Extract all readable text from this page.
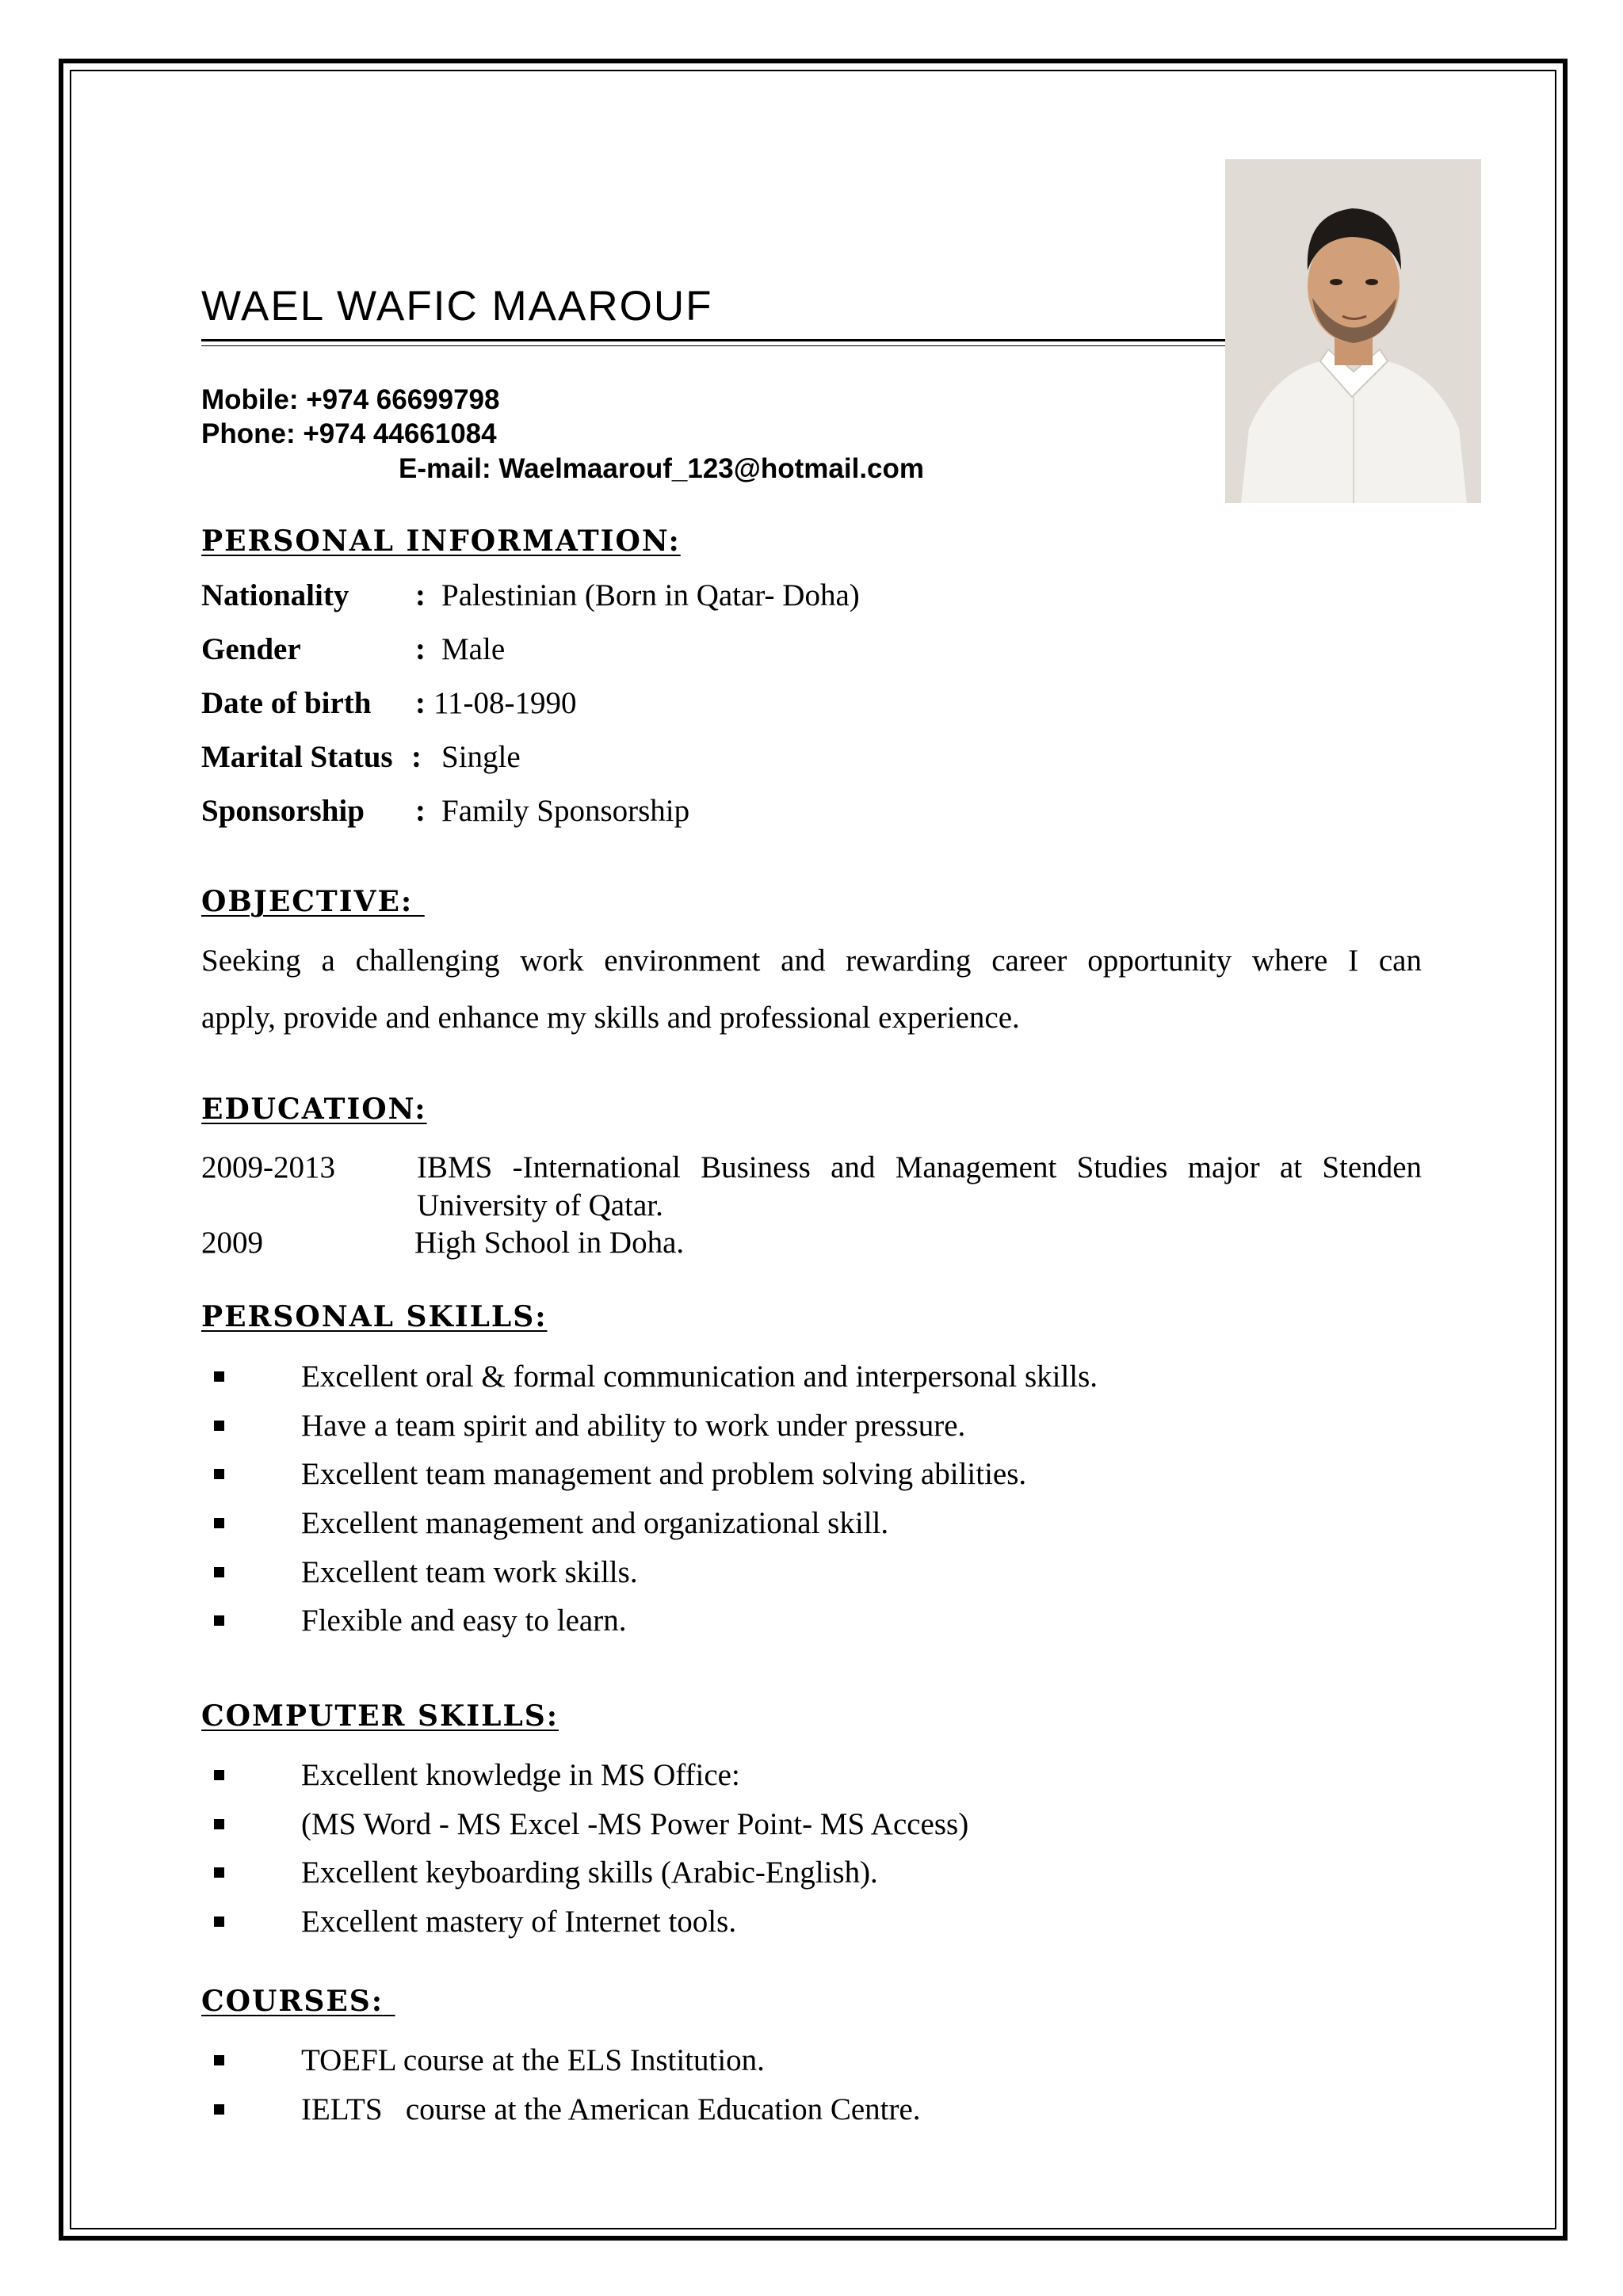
WAEL WAFIC MAAROUF
Mobile: +974 66699798
Phone: +974 44661084
E-mail: Waelmaarouf_123@hotmail.com
PERSONAL INFORMATION:
Nationality : Palestinian (Born in Qatar- Doha)
Gender	: Male
Date of birth : 11-08-1990
Marital Status : Single
Sponsorship : Family Sponsorship
OBJECTIVE:
Seeking a challenging work environment and rewarding career opportunity where I can
apply, provide and enhance my skills and professional experience.
EDUCATION:
2009-2013	IBMS -International Business and Management Studies major at Stenden
University of Qatar.
2009	High School in Doha.
PERSONAL SKILLS:
Excellent oral & formal communication and interpersonal skills.
Have a team spirit and ability to work under pressure.
Excellent team management and problem solving abilities.
Excellent management and organizational skill.
Excellent team work skills.
Flexible and easy to learn.
COMPUTER SKILLS:
Excellent knowledge in MS Office:
(MS Word - MS Excel -MS Power Point- MS Access)
Excellent keyboarding skills (Arabic-English).
Excellent mastery of Internet tools.
COURSES:
TOEFL course at the ELS Institution.
IELTS   course at the American Education Centre.
